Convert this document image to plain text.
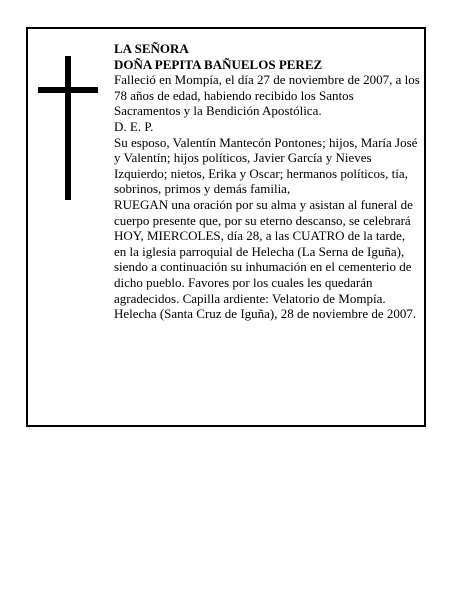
LA SEÑORA

DOÑA PEPITA BAÑUELOS PEREZ

Falleció en Mompía, el día 27 de noviembre de 2007, a los 78 años de edad, habiendo recibido los Santos Sacramentos y la Bendición Apostólica.

D. E. P.

Su esposo, Valentín Mantecón Pontones; hijos, María José y Valentín; hijos políticos, Javier García y Nieves Izquierdo; nietos, Erika y Oscar; hermanos políticos, tía, sobrinos, primos y demás familia,

RUEGAN una oración por su alma y asistan al funeral de cuerpo presente que, por su eterno descanso, se celebrará HOY, MIERCOLES, día 28, a las CUATRO de la tarde, en la iglesia parroquial de Helecha (La Serna de Iguña), siendo a continuación su inhumación en el cementerio de dicho pueblo. Favores por los cuales les quedarán agradecidos. Capilla ardiente: Velatorio de Mompía.

Helecha (Santa Cruz de Iguña), 28 de noviembre de 2007.
